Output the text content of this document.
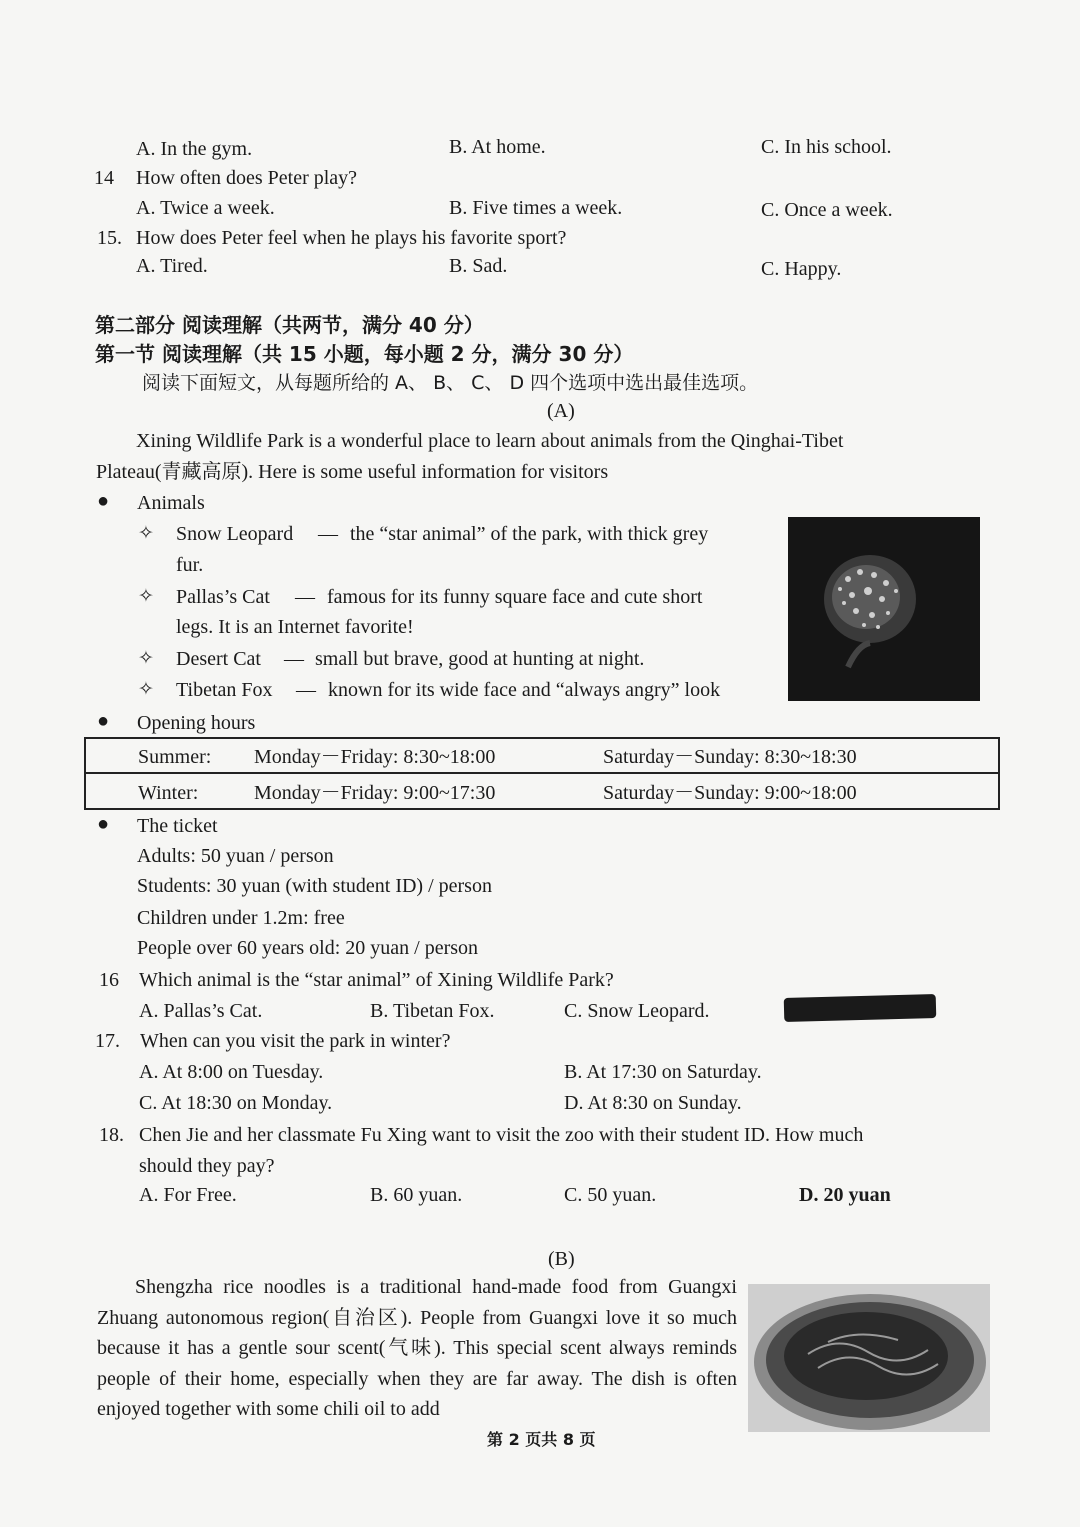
A. In the gym.	B. At home.	C. In his school.
14 How often does Peter play?
A. Twice a week.	B. Five times a week.	C. Once a week.
15. How does Peter feel when he plays his favorite sport?
A. Tired.	B. Sad.	C. Happy.
第二部分 阅读理解（共两节，满分 40 分）
第一节 阅读理解（共 15 小题，每小题 2 分，满分 30 分）
阅读下面短文，从每题所给的 A、 B、 C、 D 四个选项中选出最佳选项。
(A)
Xining Wildlife Park is a wonderful place to learn about animals from the Qinghai-Tibet
Plateau(青藏高原). Here is some useful information for visitors
● Animals
✧ Snow Leopard — the “star animal” of the park, with thick grey
fur.
✧ Pallas’s Cat — famous for its funny square face and cute short
legs. It is an Internet favorite!
✧ Desert Cat — small but brave, good at hunting at night.
✧ Tibetan Fox — known for its wide face and “always angry” look
● Opening hours
Summer: Monday－Friday: 8:30~18:00	Saturday－Sunday: 8:30~18:30
Winter:	Monday－Friday: 9:00~17:30	Saturday－Sunday: 9:00~18:00
● The ticket
Adults: 50 yuan / person
Students: 30 yuan (with student ID) / person
Children under 1.2m: free
People over 60 years old: 20 yuan / person
16 Which animal is the “star animal” of Xining Wildlife Park?
A. Pallas’s Cat.	B. Tibetan Fox.	C. Snow Leopard.
17. When can you visit the park in winter?
A. At 8:00 on Tuesday.	B. At 17:30 on Saturday.
C. At 18:30 on Monday.	D. At 8:30 on Sunday.
18. Chen Jie and her classmate Fu Xing want to visit the zoo with their student ID. How much
should they pay?
A. For Free.	B. 60 yuan.	C. 50 yuan.	D. 20 yuan
(B)
Shengzha rice noodles is a traditional hand-made food from Guangxi Zhuang autonomous region(自治区). People from Guangxi love it so much because it has a gentle sour scent(气味). This special scent always reminds people of their home, especially when they are far away. The dish is often enjoyed together with some chili oil to add
第 2 页共 8 页
